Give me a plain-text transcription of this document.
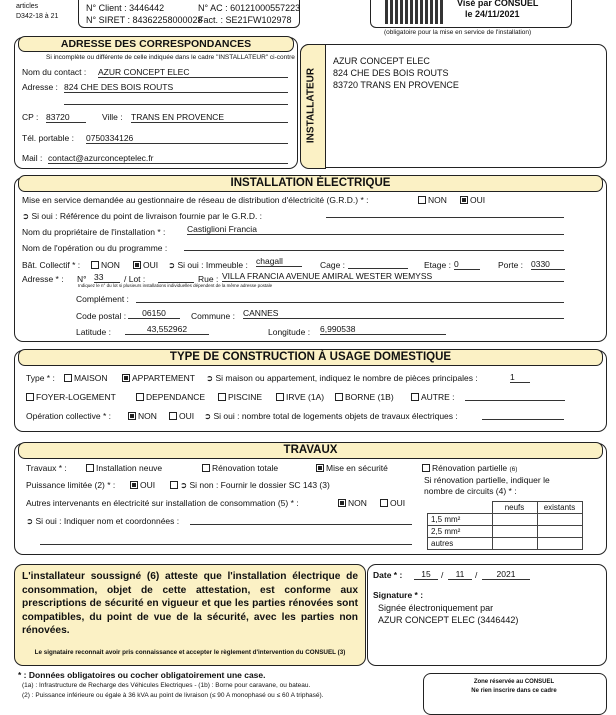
articles
D342-18 à 21
N° Client : 3446442
N° SIRET : 84362258000028
N° AC : 60121000557223
Fact. : SE21FW102978
Visé par CONSUEL
le 24/11/2021
(obligatoire pour la mise en service de l'installation)
ADRESSE DES CORRESPONDANCES
Si incomplète ou différente de celle indiquée dans le cadre "INSTALLATEUR" ci-contre
Nom du contact : AZUR CONCEPT ELEC
Adresse : 824 CHE DES BOIS ROUTS
CP : 83720	Ville : TRANS EN PROVENCE
Tél. portable : 0750334126
Mail : contact@azurconceptelec.fr
INSTALLATEUR
AZUR CONCEPT ELEC
824 CHE DES BOIS ROUTS
83720 TRANS EN PROVENCE
INSTALLATION ÉLECTRIQUE
Mise en service demandée au gestionnaire de réseau de distribution d'électricité (G.R.D.) * :	NON	OUI
➲ Si oui : Référence du point de livraison fournie par le G.R.D. :
Nom du propriétaire de l'installation * :	Castiglioni Francia
Nom de l'opération ou du programme :
Bât. Collectif * :	NON	OUI ➲ Si oui : Immeuble : chagall	Cage :	Etage : 0	Porte : 0330
Adresse * : N° 33	/ Lot :	Rue : VILLA FRANCIA AVENUE AMIRAL WESTER WEMYSS
Indiquez le n° du lot si plusieurs installations individuelles dépendent de la même adresse postale
Complément :
Code postal :	06150	Commune : CANNES
Latitude :	43,552962	Longitude : 6,990538
TYPE DE CONSTRUCTION À USAGE DOMESTIQUE
Type * :	MAISON	APPARTEMENT ➲ Si maison ou appartement, indiquez le nombre de pièces principales :	1
FOYER-LOGEMENT	DEPENDANCE	PISCINE	IRVE (1A)	BORNE (1B)	AUTRE :
Opération collective * :	NON	OUI ➲ Si oui : nombre total de logements objets de travaux électriques :
TRAVAUX
Travaux * :	Installation neuve	Rénovation totale	Mise en sécurité	Rénovation partielle (6)
Si rénovation partielle, indiquer le
nombre de circuits (4) * :
Puissance limitée (2) * :	OUI	➲ Si non : Fournir le dossier SC 143 (3)
Autres intervenants en électricité sur installation de consommation (5) * :	NON	OUI
➲ Si oui : Indiquer nom et coordonnées :
	neufs	existants
1,5 mm²		
2,5 mm²		
autres		
L'installateur soussigné (6) atteste que l'installation électrique de consommation, objet de cette attestation, est conforme aux prescriptions de sécurité en vigueur et que les parties rénovées sont compatibles, du point de vue de la sécurité, avec les parties non rénovées.
Le signataire reconnait avoir pris connaissance et accepter le règlement d'intervention du CONSUEL (3)
Date * :	15	/	11	/	2021
Signature * :
Signée électroniquement par
AZUR CONCEPT ELEC (3446442)
* : Données obligatoires ou cocher obligatoirement une case.
(1a) : Infrastructure de Recharge des Véhicules Electriques - (1b) : Borne pour caravane, ou bateau.
(2) : Puissance inférieure ou égale à 36 kVA au point de livraison (≤ 90 A monophasé ou ≤ 60 A triphasé).
Zone réservée au CONSUEL
Ne rien inscrire dans ce cadre
